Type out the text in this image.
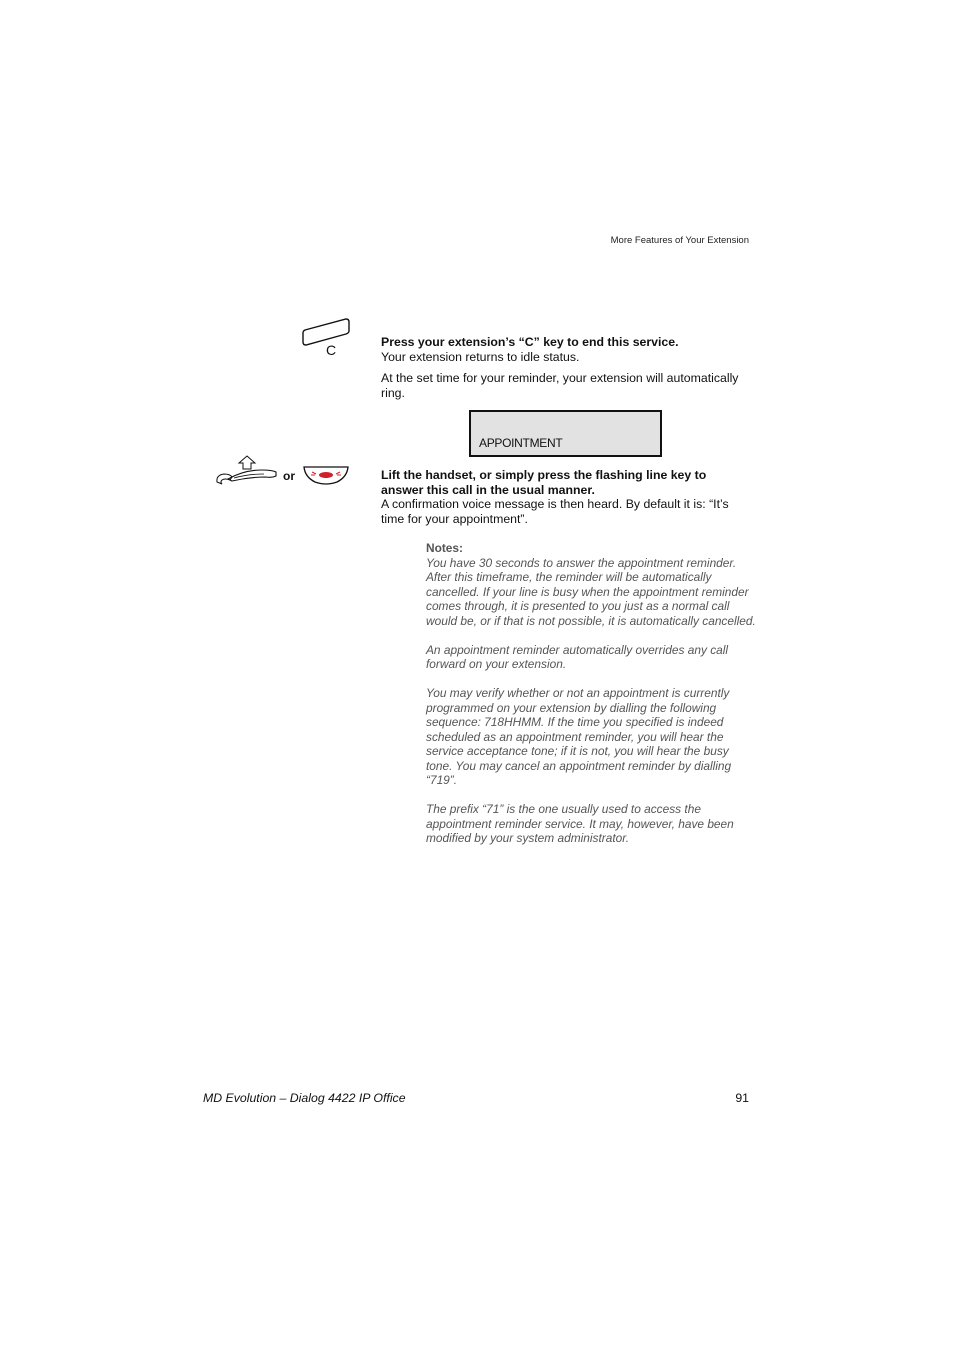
More Features of Your Extension
C	Press your extension’s “C” key to end this service.
Your extension returns to idle status.
At the set time for your reminder, your extension will automatically ring.
APPOINTMENT
or	Lift the handset, or simply press the flashing line key to answer this call in the usual manner.
A confirmation voice message is then heard. By default it is: “It’s time for your appointment”.
Notes:

You have 30 seconds to answer the appointment reminder. After this timeframe, the reminder will be automatically cancelled. If your line is busy when the appointment reminder comes through, it is presented to you just as a normal call would be, or if that is not possible, it is automatically cancelled.

An appointment reminder automatically overrides any call forward on your extension.

You may verify whether or not an appointment is currently programmed on your extension by dialling the following sequence: 718HHMM. If the time you specified is indeed scheduled as an appointment reminder, you will hear the service acceptance tone; if it is not, you will hear the busy tone. You may cancel an appointment reminder by dialling “719”.

The prefix “71” is the one usually used to access the appointment reminder service. It may, however, have been modified by your system administrator.

MD Evolution – Dialog 4422 IP Office	91
